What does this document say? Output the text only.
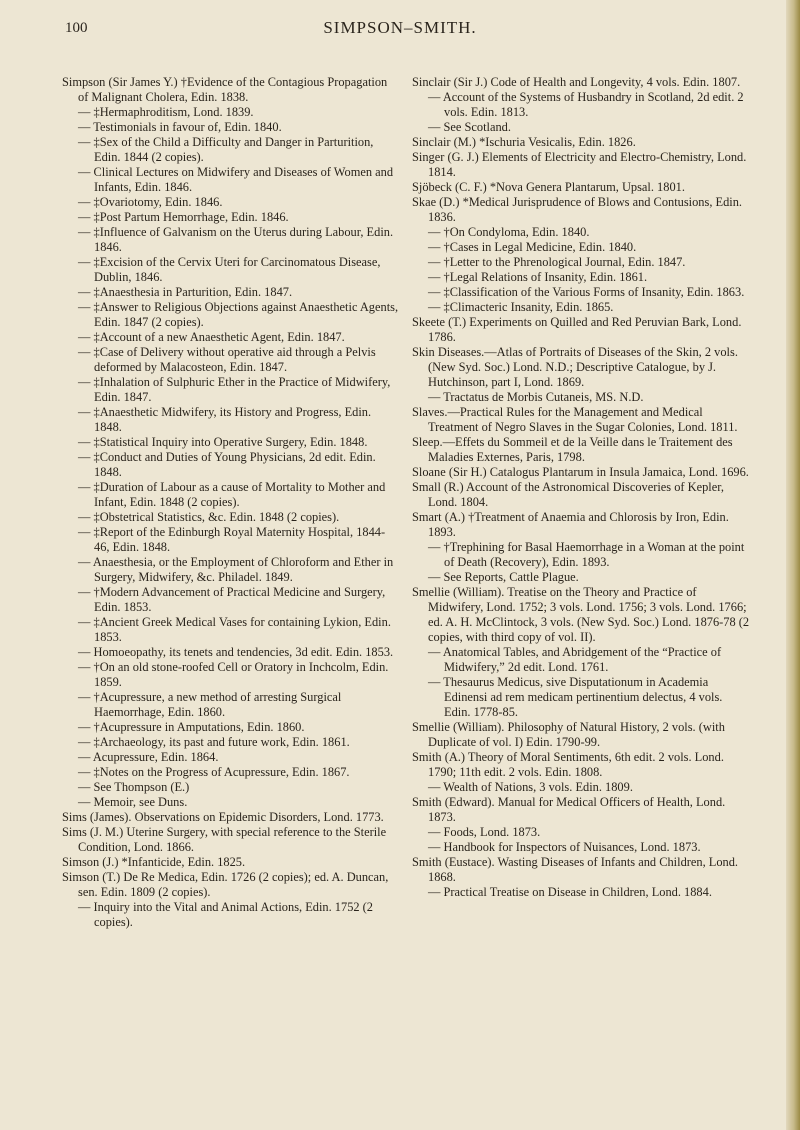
100	SIMPSON–SMITH.

Simpson (Sir James Y.) †Evidence of the Contagious Propagation of Malignant Cholera, Edin. 1838.

— ‡Hermaphroditism, Lond. 1839.

— Testimonials in favour of, Edin. 1840.

— ‡Sex of the Child a Difficulty and Danger in Parturition, Edin. 1844 (2 copies).

— Clinical Lectures on Midwifery and Diseases of Women and Infants, Edin. 1846.

— ‡Ovariotomy, Edin. 1846.

— ‡Post Partum Hemorrhage, Edin. 1846.

— ‡Influence of Galvanism on the Uterus during Labour, Edin. 1846.

— ‡Excision of the Cervix Uteri for Carcinomatous Disease, Dublin, 1846.

— ‡Anaesthesia in Parturition, Edin. 1847.

— ‡Answer to Religious Objections against Anaesthetic Agents, Edin. 1847 (2 copies).

— ‡Account of a new Anaesthetic Agent, Edin. 1847.

— ‡Case of Delivery without operative aid through a Pelvis deformed by Malacosteon, Edin. 1847.

— ‡Inhalation of Sulphuric Ether in the Practice of Midwifery, Edin. 1847.

— ‡Anaesthetic Midwifery, its History and Progress, Edin. 1848.

— ‡Statistical Inquiry into Operative Surgery, Edin. 1848.

— ‡Conduct and Duties of Young Physicians, 2d edit. Edin. 1848.

— ‡Duration of Labour as a cause of Mortality to Mother and Infant, Edin. 1848 (2 copies).

— ‡Obstetrical Statistics, &c. Edin. 1848 (2 copies).

— ‡Report of the Edinburgh Royal Maternity Hospital, 1844-46, Edin. 1848.

— Anaesthesia, or the Employment of Chloroform and Ether in Surgery, Midwifery, &c. Philadel. 1849.

— †Modern Advancement of Practical Medicine and Surgery, Edin. 1853.

— ‡Ancient Greek Medical Vases for containing Lykion, Edin. 1853.

— Homoeopathy, its tenets and tendencies, 3d edit. Edin. 1853.

— †On an old stone-roofed Cell or Oratory in Inchcolm, Edin. 1859.

— †Acupressure, a new method of arresting Surgical Haemorrhage, Edin. 1860.

— †Acupressure in Amputations, Edin. 1860.

— ‡Archaeology, its past and future work, Edin. 1861.

— Acupressure, Edin. 1864.

— ‡Notes on the Progress of Acupressure, Edin. 1867.

— See Thompson (E.)

— Memoir, see Duns.

Sims (James). Observations on Epidemic Disorders, Lond. 1773.

Sims (J. M.) Uterine Surgery, with special reference to the Sterile Condition, Lond. 1866.

Simson (J.) *Infanticide, Edin. 1825.

Simson (T.) De Re Medica, Edin. 1726 (2 copies); ed. A. Duncan, sen. Edin. 1809 (2 copies).

— Inquiry into the Vital and Animal Actions, Edin. 1752 (2 copies).

Sinclair (Sir J.) Code of Health and Longevity, 4 vols. Edin. 1807.

— Account of the Systems of Husbandry in Scotland, 2d edit. 2 vols. Edin. 1813.

— See Scotland.

Sinclair (M.) *Ischuria Vesicalis, Edin. 1826.

Singer (G. J.) Elements of Electricity and Electro-Chemistry, Lond. 1814.

Sjöbeck (C. F.) *Nova Genera Plantarum, Upsal. 1801.

Skae (D.) *Medical Jurisprudence of Blows and Contusions, Edin. 1836.

— †On Condyloma, Edin. 1840.

— †Cases in Legal Medicine, Edin. 1840.

— †Letter to the Phrenological Journal, Edin. 1847.

— †Legal Relations of Insanity, Edin. 1861.

— ‡Classification of the Various Forms of Insanity, Edin. 1863.

— ‡Climacteric Insanity, Edin. 1865.

Skeete (T.) Experiments on Quilled and Red Peruvian Bark, Lond. 1786.

Skin Diseases.—Atlas of Portraits of Diseases of the Skin, 2 vols. (New Syd. Soc.) Lond. N.D.; Descriptive Catalogue, by J. Hutchinson, part I, Lond. 1869.

— Tractatus de Morbis Cutaneis, MS. N.D.

Slaves.—Practical Rules for the Management and Medical Treatment of Negro Slaves in the Sugar Colonies, Lond. 1811.

Sleep.—Effets du Sommeil et de la Veille dans le Traitement des Maladies Externes, Paris, 1798.

Sloane (Sir H.) Catalogus Plantarum in Insula Jamaica, Lond. 1696.

Small (R.) Account of the Astronomical Discoveries of Kepler, Lond. 1804.

Smart (A.) †Treatment of Anaemia and Chlorosis by Iron, Edin. 1893.

— †Trephining for Basal Haemorrhage in a Woman at the point of Death (Recovery), Edin. 1893.

— See Reports, Cattle Plague.

Smellie (William). Treatise on the Theory and Practice of Midwifery, Lond. 1752; 3 vols. Lond. 1756; 3 vols. Lond. 1766; ed. A. H. McClintock, 3 vols. (New Syd. Soc.) Lond. 1876-78 (2 copies, with third copy of vol. II).

— Anatomical Tables, and Abridgement of the “Practice of Midwifery,” 2d edit. Lond. 1761.

— Thesaurus Medicus, sive Disputationum in Academia Edinensi ad rem medicam pertinentium delectus, 4 vols. Edin. 1778-85.

Smellie (William). Philosophy of Natural History, 2 vols. (with Duplicate of vol. I) Edin. 1790-99.

Smith (A.) Theory of Moral Sentiments, 6th edit. 2 vols. Lond. 1790; 11th edit. 2 vols. Edin. 1808.

— Wealth of Nations, 3 vols. Edin. 1809.

Smith (Edward). Manual for Medical Officers of Health, Lond. 1873.

— Foods, Lond. 1873.

— Handbook for Inspectors of Nuisances, Lond. 1873.

Smith (Eustace). Wasting Diseases of Infants and Children, Lond. 1868.

— Practical Treatise on Disease in Children, Lond. 1884.
